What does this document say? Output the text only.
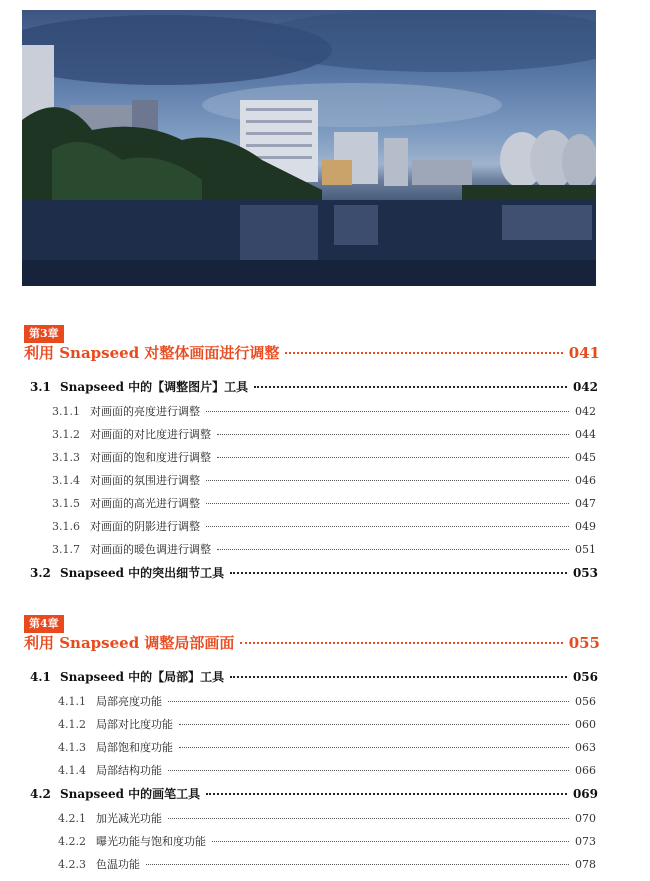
第3章
利用 Snapseed 对整体画面进行调整	041
3.1 Snapseed 中的【调整图片】工具	042
3.1.1 对画面的亮度进行调整	042
3.1.2 对画面的对比度进行调整	044
3.1.3 对画面的饱和度进行调整	045
3.1.4 对画面的氛围进行调整	046
3.1.5 对画面的高光进行调整	047
3.1.6 对画面的阴影进行调整	049
3.1.7 对画面的暖色调进行调整	051
3.2 Snapseed 中的突出细节工具	053
第4章
利用 Snapseed 调整局部画面	055
4.1 Snapseed 中的【局部】工具	056
4.1.1 局部亮度功能	056
4.1.2 局部对比度功能	060
4.1.3 局部饱和度功能	063
4.1.4 局部结构功能	066
4.2 Snapseed 中的画笔工具	069
4.2.1 加光减光功能	070
4.2.2 曝光功能与饱和度功能	073
4.2.3 色温功能	078
